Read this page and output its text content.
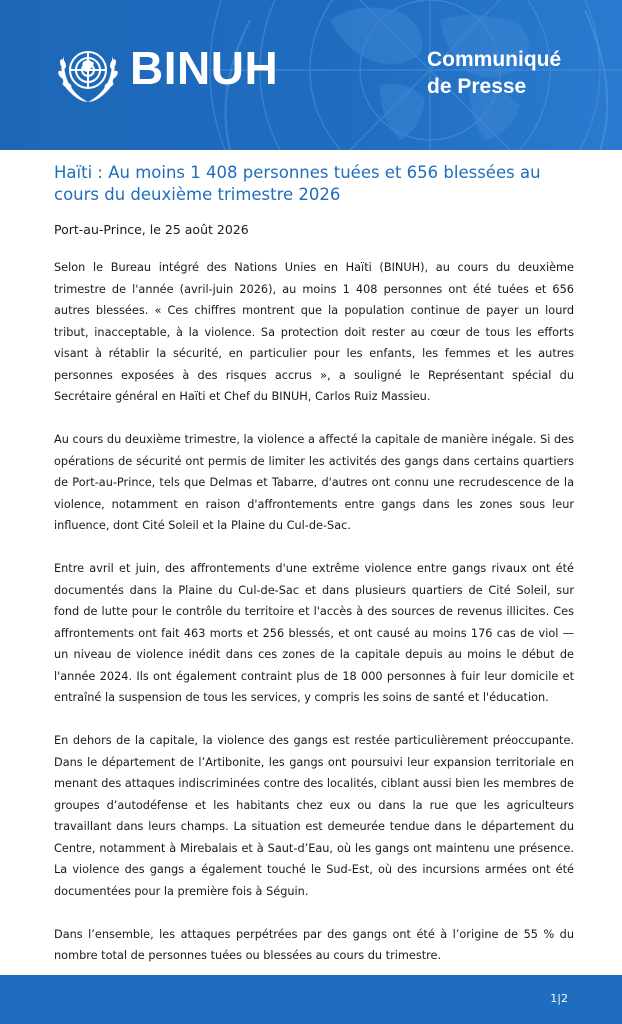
BINUH	Communiqué
de Presse
Haïti : Au moins 1 408 personnes tuées et 656 blessées au cours du deuxième trimestre 2026

Port-au-Prince, le 25 août 2026

Selon le Bureau intégré des Nations Unies en Haïti (BINUH), au cours du deuxième trimestre de l'année (avril-juin 2026), au moins 1 408 personnes ont été tuées et 656 autres blessées. « Ces chiffres montrent que la population continue de payer un lourd tribut, inacceptable, à la violence. Sa protection doit rester au cœur de tous les efforts visant à rétablir la sécurité, en particulier pour les enfants, les femmes et les autres personnes exposées à des risques accrus », a souligné le Représentant spécial du Secrétaire général en Haïti et Chef du BINUH, Carlos Ruiz Massieu.

Au cours du deuxième trimestre, la violence a affecté la capitale de manière inégale. Si des opérations de sécurité ont permis de limiter les activités des gangs dans certains quartiers de Port-au-Prince, tels que Delmas et Tabarre, d'autres ont connu une recrudescence de la violence, notamment en raison d'affrontements entre gangs dans les zones sous leur influence, dont Cité Soleil et la Plaine du Cul-de-Sac.

Entre avril et juin, des affrontements d'une extrême violence entre gangs rivaux ont été documentés dans la Plaine du Cul-de-Sac et dans plusieurs quartiers de Cité Soleil, sur fond de lutte pour le contrôle du territoire et l'accès à des sources de revenus illicites. Ces affrontements ont fait 463 morts et 256 blessés, et ont causé au moins 176 cas de viol — un niveau de violence inédit dans ces zones de la capitale depuis au moins le début de l'année 2024. Ils ont également contraint plus de 18 000 personnes à fuir leur domicile et entraîné la suspension de tous les services, y compris les soins de santé et l'éducation.

En dehors de la capitale, la violence des gangs est restée particulièrement préoccupante. Dans le département de l’Artibonite, les gangs ont poursuivi leur expansion territoriale en menant des attaques indiscriminées contre des localités, ciblant aussi bien les membres de groupes d’autodéfense et les habitants chez eux ou dans la rue que les agriculteurs travaillant dans leurs champs. La situation est demeurée tendue dans le département du Centre, notamment à Mirebalais et à Saut-d’Eau, où les gangs ont maintenu une présence. La violence des gangs a également touché le Sud-Est, où des incursions armées ont été documentées pour la première fois à Séguin.

Dans l’ensemble, les attaques perpétrées par des gangs ont été à l’origine de 55 % du nombre total de personnes tuées ou blessées au cours du trimestre.

1|2
